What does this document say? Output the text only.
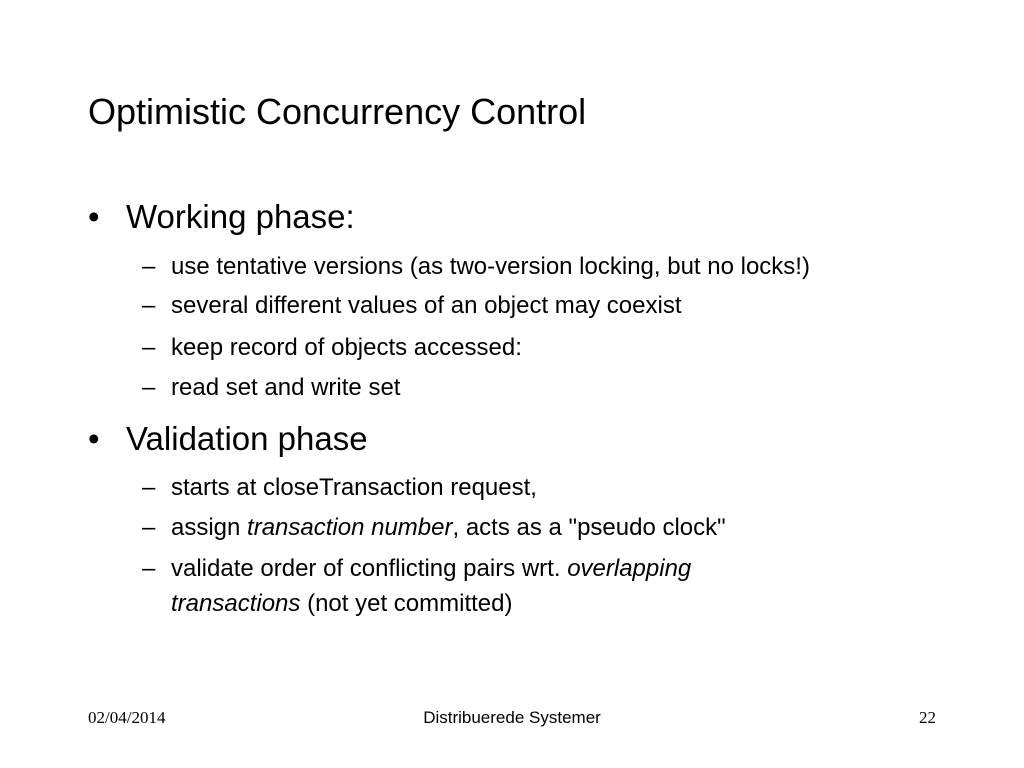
Optimistic Concurrency Control
• Working phase:
– use tentative versions (as two-version locking, but no locks!)
– several different values of an object may coexist
– keep record of objects accessed:
– read set and write set
• Validation phase
– starts at closeTransaction request,
– assign transaction number, acts as a "pseudo clock"
– validate order of conflicting pairs wrt. overlapping
transactions (not yet committed)
02/04/2014	Distribuerede Systemer	22
